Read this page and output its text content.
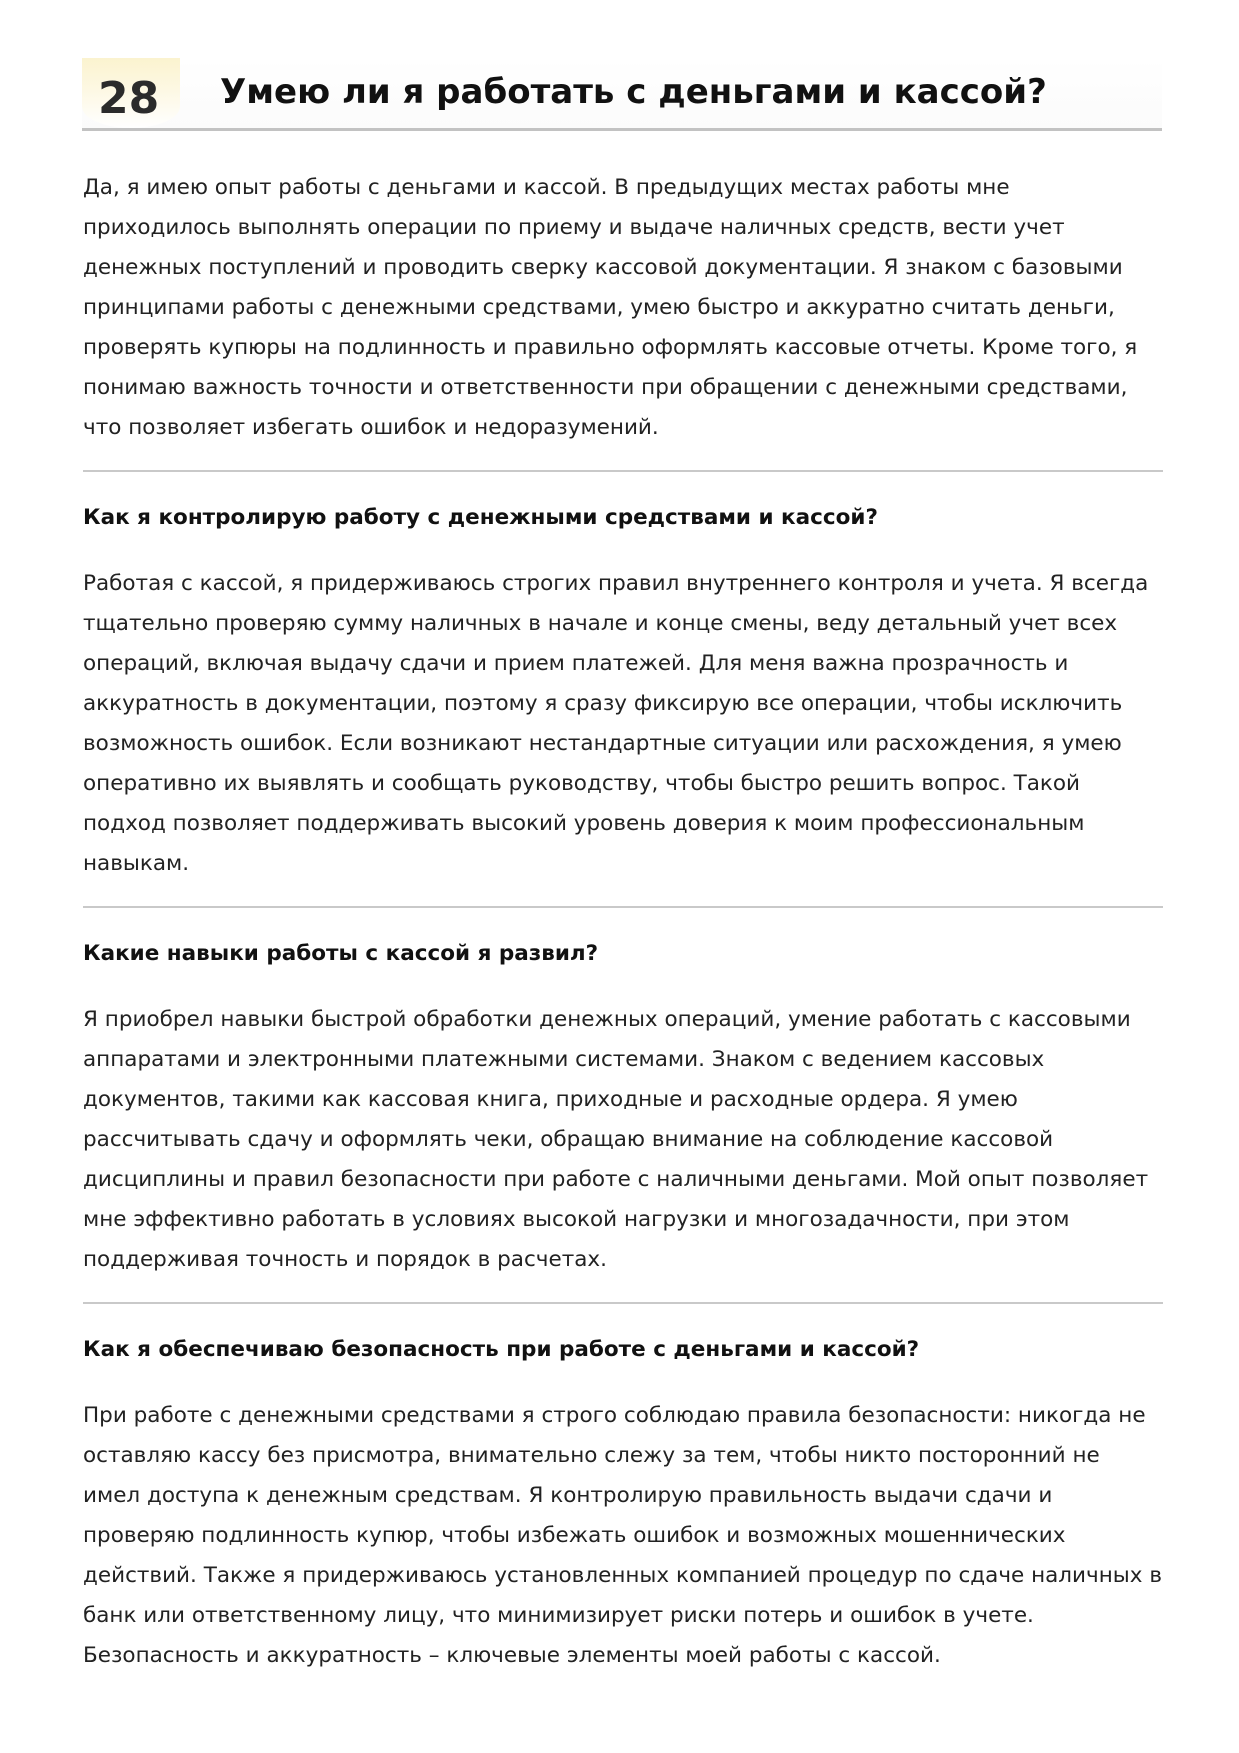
28 Умею ли я работать с деньгами и кассой?

Да, я имею опыт работы с деньгами и кассой. В предыдущих местах работы мне приходилось выполнять операции по приему и выдаче наличных средств, вести учет денежных поступлений и проводить сверку кассовой документации. Я знаком с базовыми принципами работы с денежными средствами, умею быстро и аккуратно считать деньги, проверять купюры на подлинность и правильно оформлять кассовые отчеты. Кроме того, я понимаю важность точности и ответственности при обращении с денежными средствами, что позволяет избегать ошибок и недоразумений.

Как я контролирую работу с денежными средствами и кассой?

Работая с кассой, я придерживаюсь строгих правил внутреннего контроля и учета. Я всегда тщательно проверяю сумму наличных в начале и конце смены, веду детальный учет всех операций, включая выдачу сдачи и прием платежей. Для меня важна прозрачность и аккуратность в документации, поэтому я сразу фиксирую все операции, чтобы исключить возможность ошибок. Если возникают нестандартные ситуации или расхождения, я умею оперативно их выявлять и сообщать руководству, чтобы быстро решить вопрос. Такой подход позволяет поддерживать высокий уровень доверия к моим профессиональным навыкам.

Какие навыки работы с кассой я развил?

Я приобрел навыки быстрой обработки денежных операций, умение работать с кассовыми аппаратами и электронными платежными системами. Знаком с ведением кассовых документов, такими как кассовая книга, приходные и расходные ордера. Я умею рассчитывать сдачу и оформлять чеки, обращаю внимание на соблюдение кассовой дисциплины и правил безопасности при работе с наличными деньгами. Мой опыт позволяет мне эффективно работать в условиях высокой нагрузки и многозадачности, при этом поддерживая точность и порядок в расчетах.

Как я обеспечиваю безопасность при работе с деньгами и кассой?

При работе с денежными средствами я строго соблюдаю правила безопасности: никогда не оставляю кассу без присмотра, внимательно слежу за тем, чтобы никто посторонний не имел доступа к денежным средствам. Я контролирую правильность выдачи сдачи и проверяю подлинность купюр, чтобы избежать ошибок и возможных мошеннических действий. Также я придерживаюсь установленных компанией процедур по сдаче наличных в банк или ответственному лицу, что минимизирует риски потерь и ошибок в учете. Безопасность и аккуратность – ключевые элементы моей работы с кассой.
